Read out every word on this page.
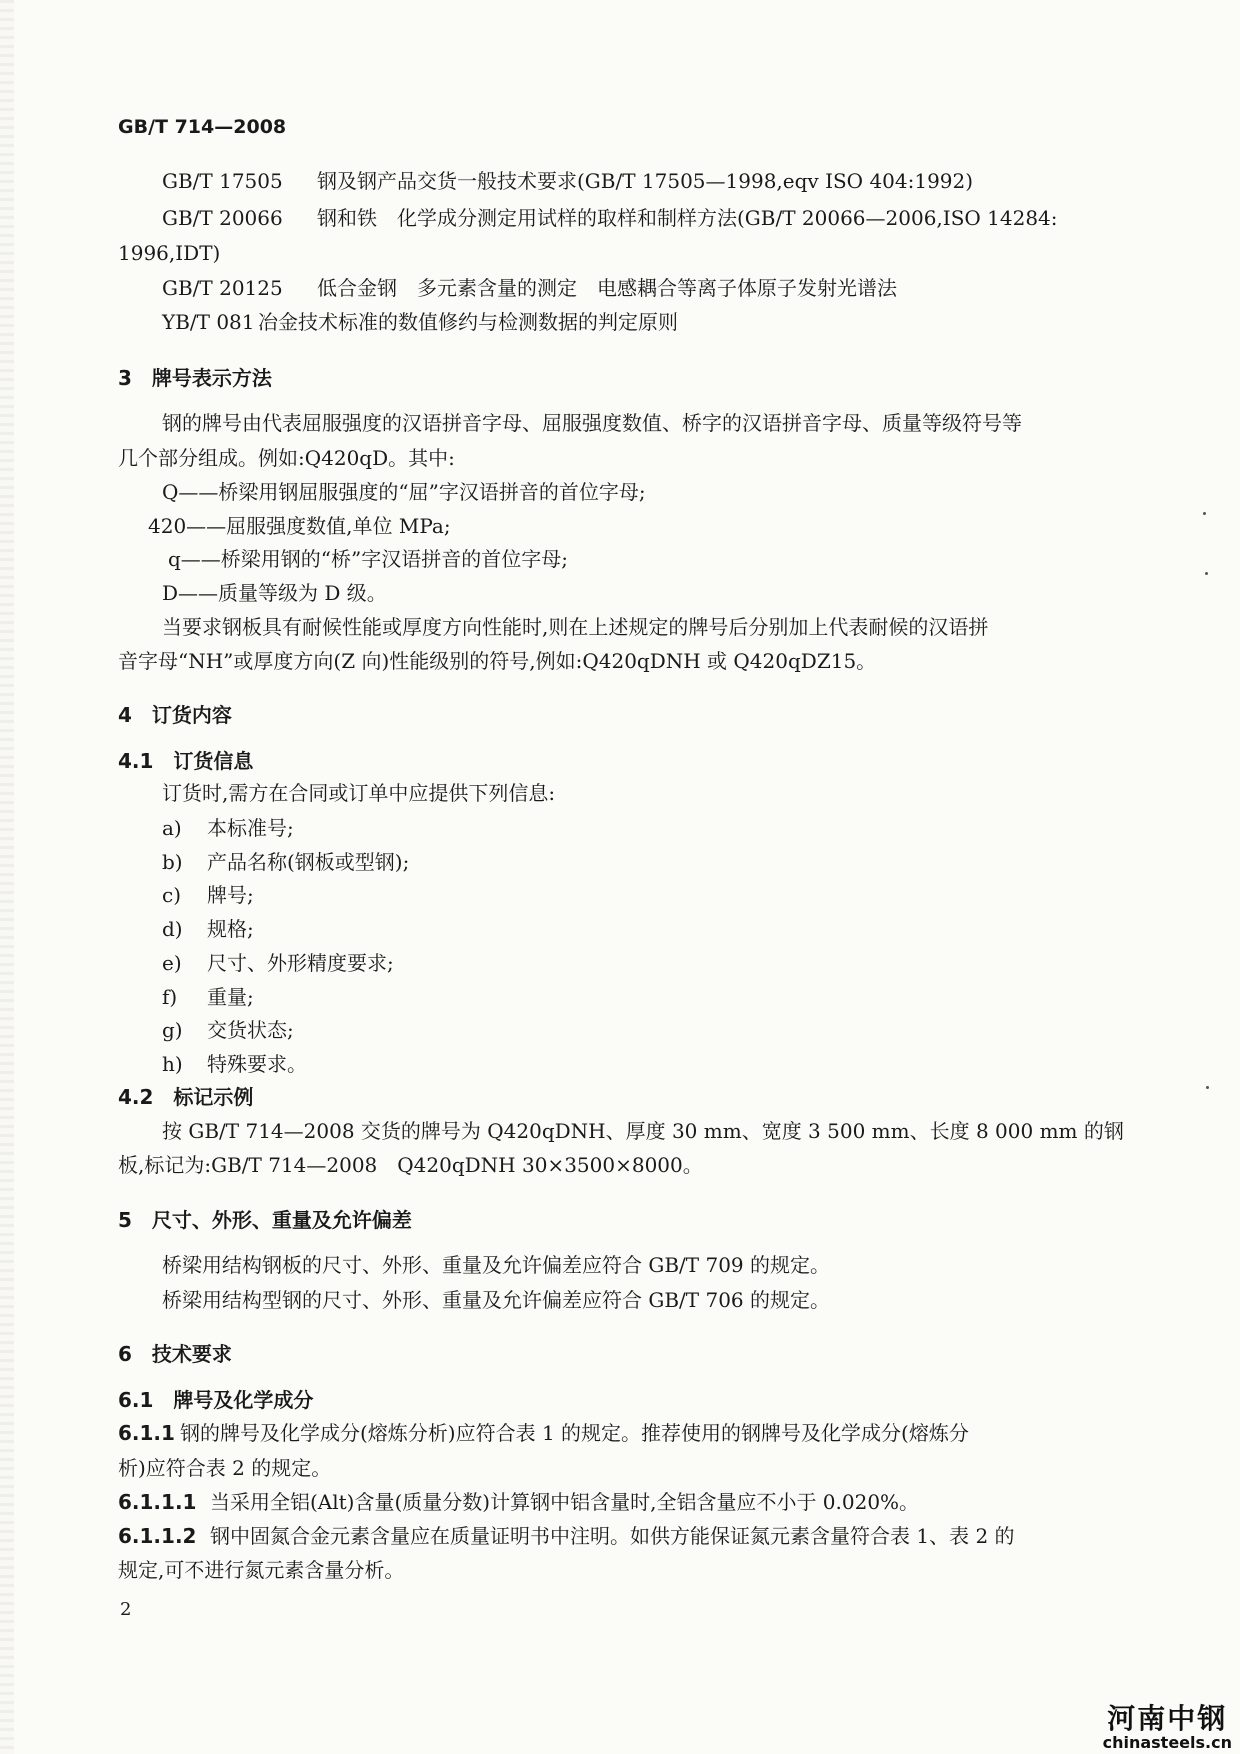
GB/T 714—2008
GB/T 17505 钢及钢产品交货一般技术要求(GB/T 17505—1998,eqv ISO 404:1992)
GB/T 20066 钢和铁　化学成分测定用试样的取样和制样方法(GB/T 20066—2006,ISO 14284:
1996,IDT)
GB/T 20125 低合金钢　多元素含量的测定　电感耦合等离子体原子发射光谱法
YB/T 081 冶金技术标准的数值修约与检测数据的判定原则
3　牌号表示方法
钢的牌号由代表屈服强度的汉语拼音字母、屈服强度数值、桥字的汉语拼音字母、质量等级符号等
几个部分组成。例如:Q420qD。其中:
Q——桥梁用钢屈服强度的“屈”字汉语拼音的首位字母;
420——屈服强度数值,单位 MPa;
q——桥梁用钢的“桥”字汉语拼音的首位字母;
D——质量等级为 D 级。
当要求钢板具有耐候性能或厚度方向性能时,则在上述规定的牌号后分别加上代表耐候的汉语拼
音字母“NH”或厚度方向(Z 向)性能级别的符号,例如:Q420qDNH 或 Q420qDZ15。
4　订货内容
4.1　订货信息
订货时,需方在合同或订单中应提供下列信息:
a) 本标准号;
b) 产品名称(钢板或型钢);
c) 牌号;
d) 规格;
e) 尺寸、外形精度要求;
f) 重量;
g) 交货状态;
h) 特殊要求。
4.2　标记示例
按 GB/T 714—2008 交货的牌号为 Q420qDNH、厚度 30 mm、宽度 3 500 mm、长度 8 000 mm 的钢
板,标记为:GB/T 714—2008　Q420qDNH 30×3500×8000。
5　尺寸、外形、重量及允许偏差
桥梁用结构钢板的尺寸、外形、重量及允许偏差应符合 GB/T 709 的规定。
桥梁用结构型钢的尺寸、外形、重量及允许偏差应符合 GB/T 706 的规定。
6　技术要求
6.1　牌号及化学成分
6.1.1 钢的牌号及化学成分(熔炼分析)应符合表 1 的规定。推荐使用的钢牌号及化学成分(熔炼分
析)应符合表 2 的规定。
6.1.1.1 当采用全铝(Alt)含量(质量分数)计算钢中铝含量时,全铝含量应不小于 0.020%。
6.1.1.2 钢中固氮合金元素含量应在质量证明书中注明。如供方能保证氮元素含量符合表 1、表 2 的
规定,可不进行氮元素含量分析。
2
河南中钢
chinasteels.cn
